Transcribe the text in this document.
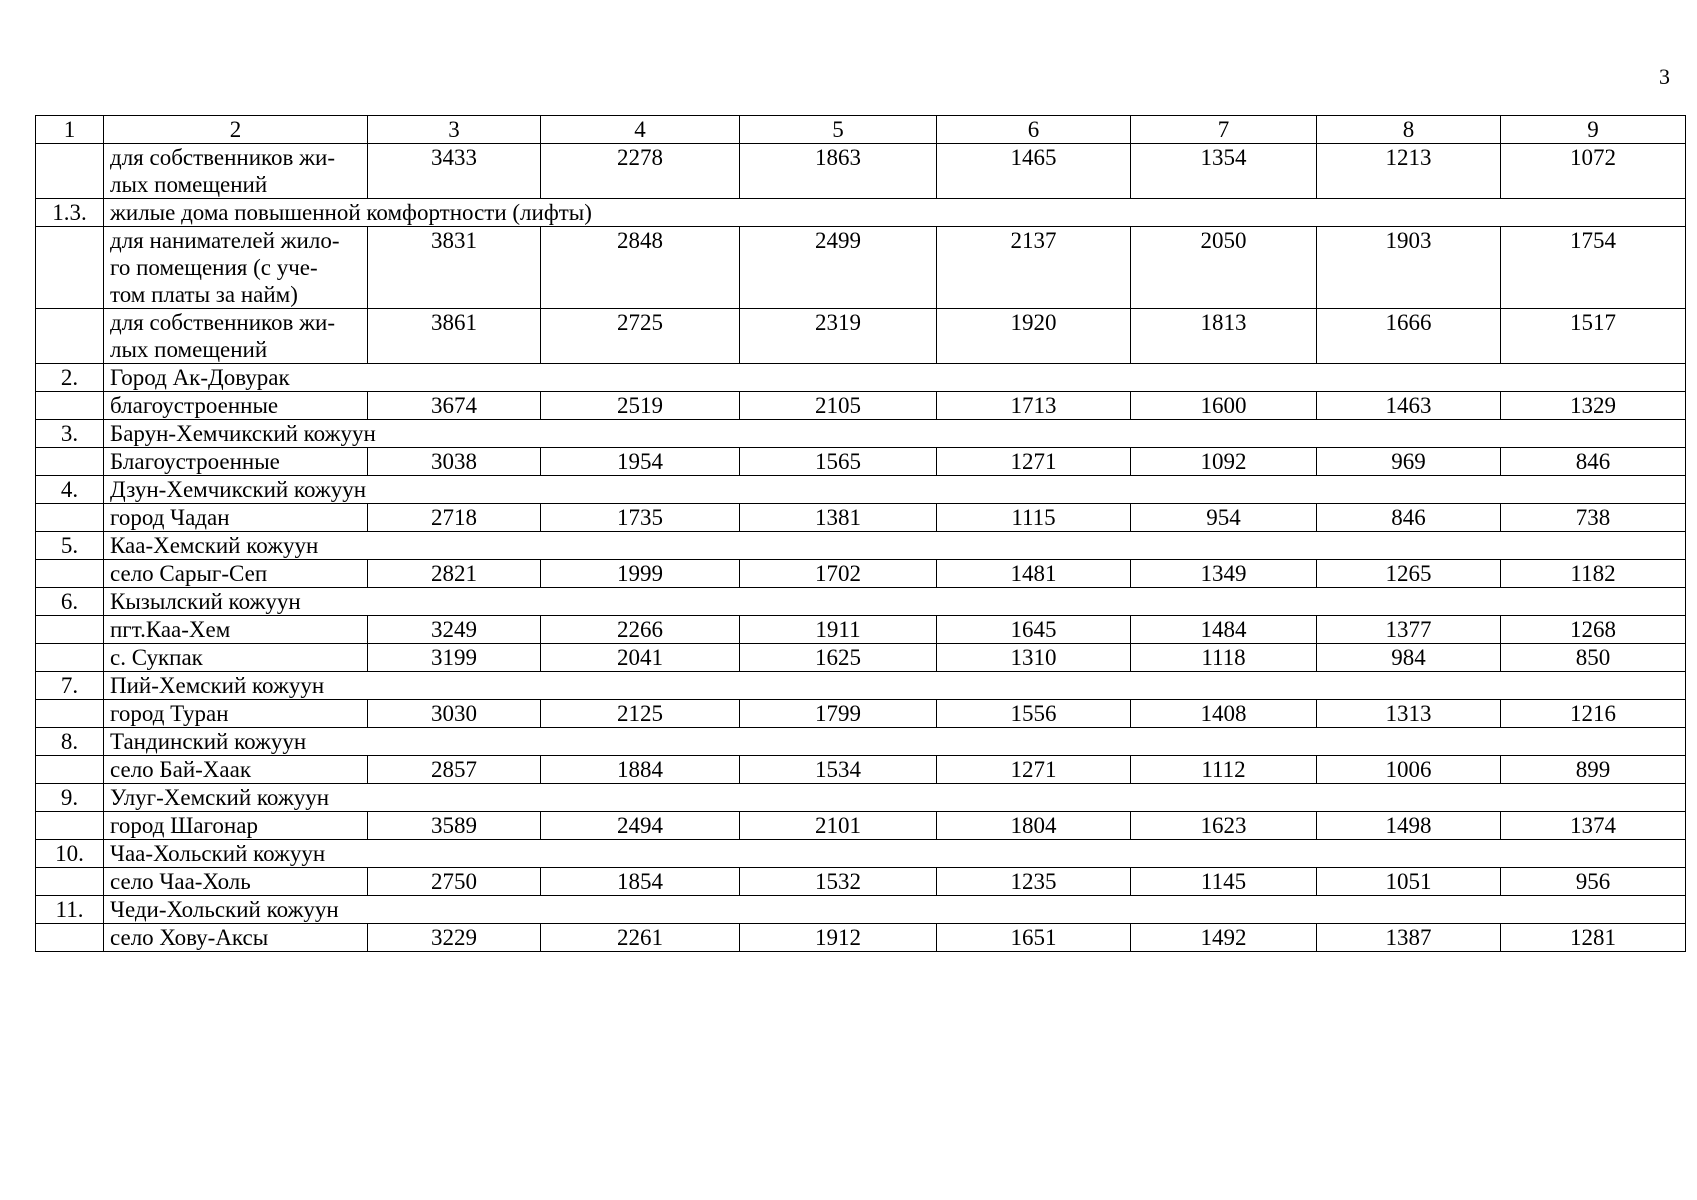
3
1	2	3	4	5	6	7	8	9

	для собственников жи-
лых помещений	3433	2278	1863	1465	1354	1213	1072
1.3.	жилые дома повышенной комфортности (лифты)							

	для нанимателей жило-
го помещения (с уче-
том платы за найм)	3831	2848	2499	2137	2050	1903	1754

	для собственников жи-
лых помещений	3861	2725	2319	1920	1813	1666	1517
2.	Город Ак-Довурак							

	благоустроенные	3674	2519	2105	1713	1600	1463	1329
3.	Барун-Хемчикский кожуун							

	Благоустроенные	3038	1954	1565	1271	1092	969	846
4.	Дзун-Хемчикский кожуун							

	город Чадан	2718	1735	1381	1115	954	846	738
5.	Каа-Хемский кожуун							

	село Сарыг-Сеп	2821	1999	1702	1481	1349	1265	1182
6.	Кызылский кожуун							

	пгт.Каа-Хем	3249	2266	1911	1645	1484	1377	1268

	с. Сукпак	3199	2041	1625	1310	1118	984	850
7.	Пий-Хемский кожуун							

	город Туран	3030	2125	1799	1556	1408	1313	1216
8.	Тандинский кожуун							

	село Бай-Хаак	2857	1884	1534	1271	1112	1006	899
9.	Улуг-Хемский кожуун							

	город Шагонар	3589	2494	2101	1804	1623	1498	1374
10.	Чаа-Хольский кожуун							

	село Чаа-Холь	2750	1854	1532	1235	1145	1051	956
11.	Чеди-Хольский кожуун							

	село Хову-Аксы	3229	2261	1912	1651	1492	1387	1281
